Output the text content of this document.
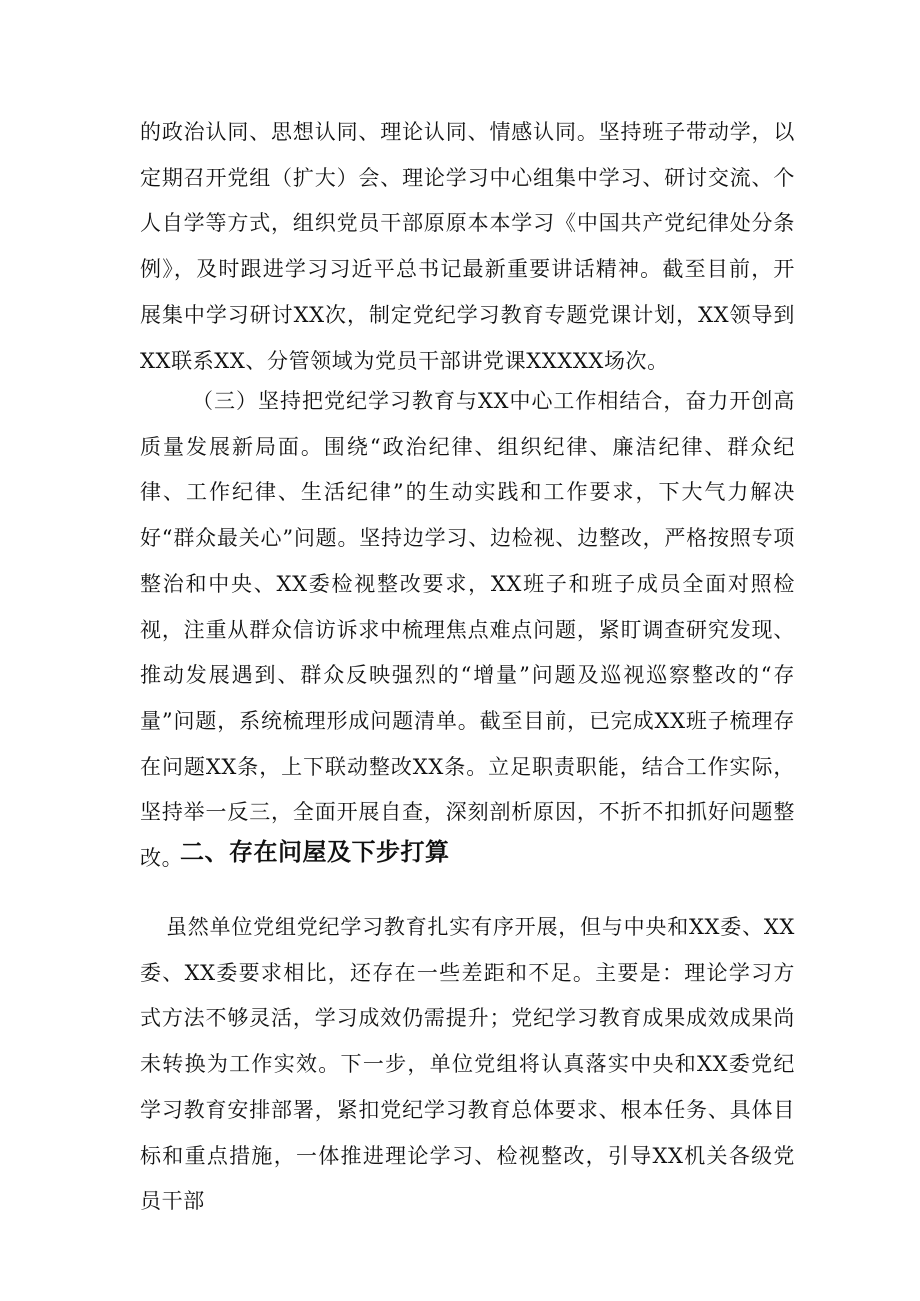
的政治认同、思想认同、理论认同、情感认同。坚持班子带动学，以定期召开党组（扩大）会、理论学习中心组集中学习、研讨交流、个人自学等方式，组织党员干部原原本本学习《中国共产党纪律处分条例》，及时跟进学习习近平总书记最新重要讲话精神。截至目前，开展集中学习研讨XX次，制定党纪学习教育专题党课计划，XX领导到XX联系XX、分管领域为党员干部讲党课XXXXX场次。

（三）坚持把党纪学习教育与XX中心工作相结合，奋力开创高质量发展新局面。围绕“政治纪律、组织纪律、廉洁纪律、群众纪律、工作纪律、生活纪律”的生动实践和工作要求，下大气力解决好“群众最关心”问题。坚持边学习、边检视、边整改，严格按照专项整治和中央、XX委检视整改要求，XX班子和班子成员全面对照检视，注重从群众信访诉求中梳理焦点难点问题，紧盯调查研究发现、推动发展遇到、群众反映强烈的“增量”问题及巡视巡察整改的“存量”问题，系统梳理形成问题清单。截至目前，已完成XX班子梳理存在问题XX条，上下联动整改XX条。立足职责职能，结合工作实际，坚持举一反三，全面开展自查，深刻剖析原因，不折不扣抓好问题整改。

二、存在问屋及下步打算

虽然单位党组党纪学习教育扎实有序开展，但与中央和XX委、XX委、XX委要求相比，还存在一些差距和不足。主要是：理论学习方式方法不够灵活，学习成效仍需提升；党纪学习教育成果成效成果尚未转换为工作实效。下一步，单位党组将认真落实中央和XX委党纪学习教育安排部署，紧扣党纪学习教育总体要求、根本任务、具体目标和重点措施，一体推进理论学习、检视整改，引导XX机关各级党员干部
